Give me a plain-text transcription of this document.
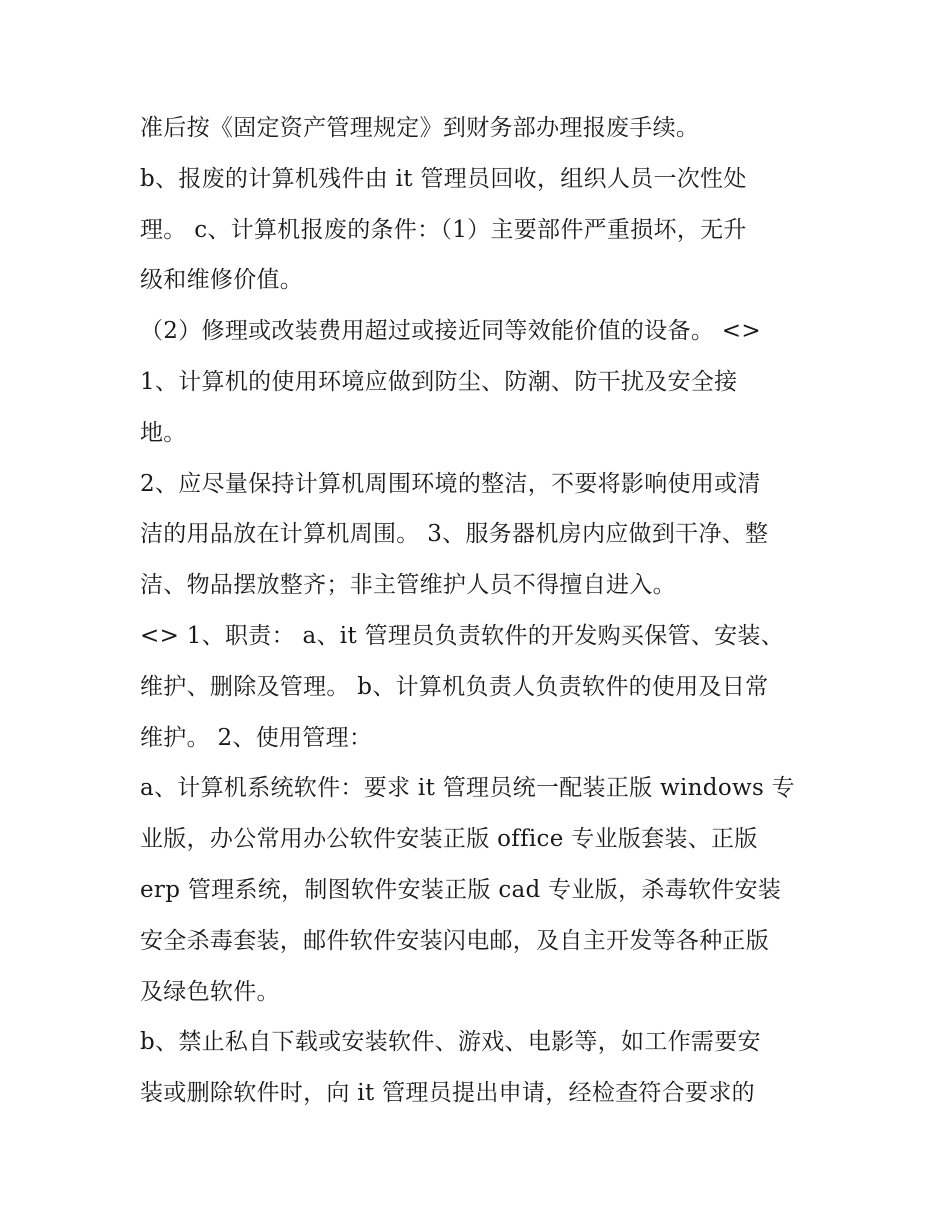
准后按《固定资产管理规定》到财务部办理报废手续。
b、报废的计算机残件由 it 管理员回收，组织人员一次性处
理。 c、计算机报废的条件：（1）主要部件严重损坏，无升
级和维修价值。
（2）修理或改装费用超过或接近同等效能价值的设备。 <>
1、计算机的使用环境应做到防尘、防潮、防干扰及安全接
地。
2、应尽量保持计算机周围环境的整洁，不要将影响使用或清
洁的用品放在计算机周围。 3、服务器机房内应做到干净、整
洁、物品摆放整齐；非主管维护人员不得擅自进入。
<> 1、职责： a、it 管理员负责软件的开发购买保管、安装、
维护、删除及管理。 b、计算机负责人负责软件的使用及日常
维护。 2、使用管理：
a、计算机系统软件：要求 it 管理员统一配装正版 windows 专
业版，办公常用办公软件安装正版 office 专业版套装、正版
erp 管理系统，制图软件安装正版 cad 专业版，杀毒软件安装
安全杀毒套装，邮件软件安装闪电邮，及自主开发等各种正版
及绿色软件。
b、禁止私自下载或安装软件、游戏、电影等，如工作需要安
装或删除软件时，向 it 管理员提出申请，经检查符合要求的
